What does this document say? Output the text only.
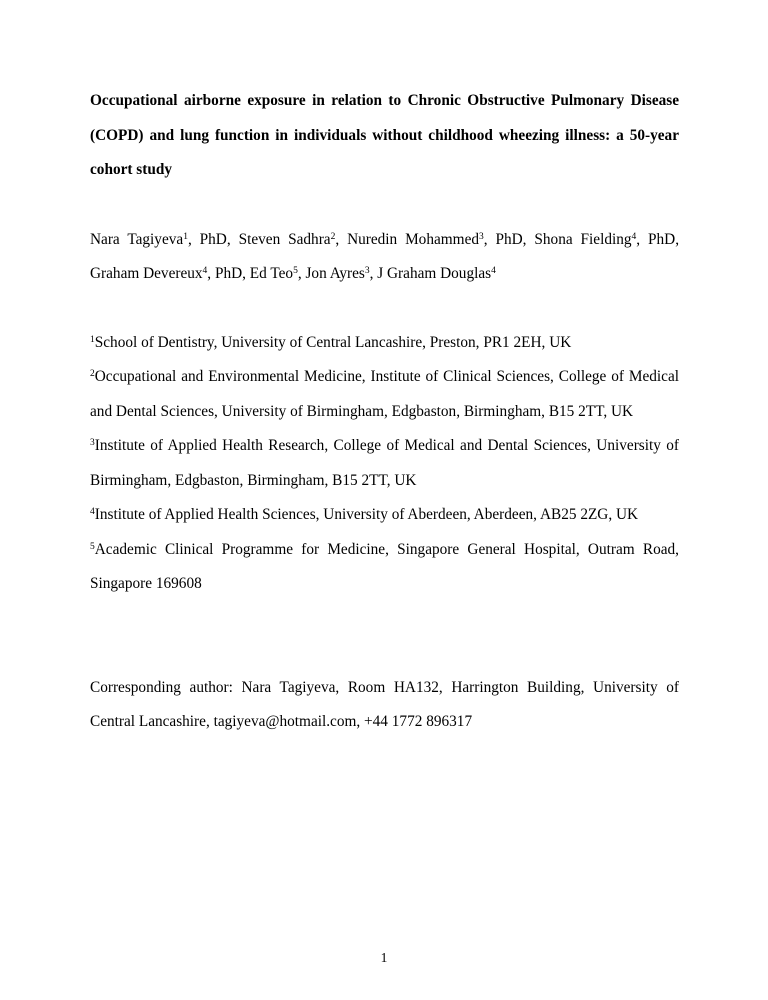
Occupational airborne exposure in relation to Chronic Obstructive Pulmonary Disease (COPD) and lung function in individuals without childhood wheezing illness: a 50-year cohort study

Nara Tagiyeva$^1$, PhD, Steven Sadhra$^2$, Nuredin Mohammed$^3$, PhD, Shona Fielding$^4$, PhD, Graham Devereux$^4$, PhD, Ed Teo$^5$, Jon Ayres$^3$, J Graham Douglas$^4$

$^1$School of Dentistry, University of Central Lancashire, Preston, PR1 2EH, UK

$^2$Occupational and Environmental Medicine, Institute of Clinical Sciences, College of Medical and Dental Sciences, University of Birmingham, Edgbaston, Birmingham, B15 2TT, UK

$^3$Institute of Applied Health Research, College of Medical and Dental Sciences, University of Birmingham, Edgbaston, Birmingham, B15 2TT, UK

$^4$Institute of Applied Health Sciences, University of Aberdeen, Aberdeen, AB25 2ZG, UK

$^5$Academic Clinical Programme for Medicine, Singapore General Hospital, Outram Road, Singapore 169608

Corresponding author: Nara Tagiyeva, Room HA132, Harrington Building, University of Central Lancashire, tagiyeva@hotmail.com, +44 1772 896317

1
